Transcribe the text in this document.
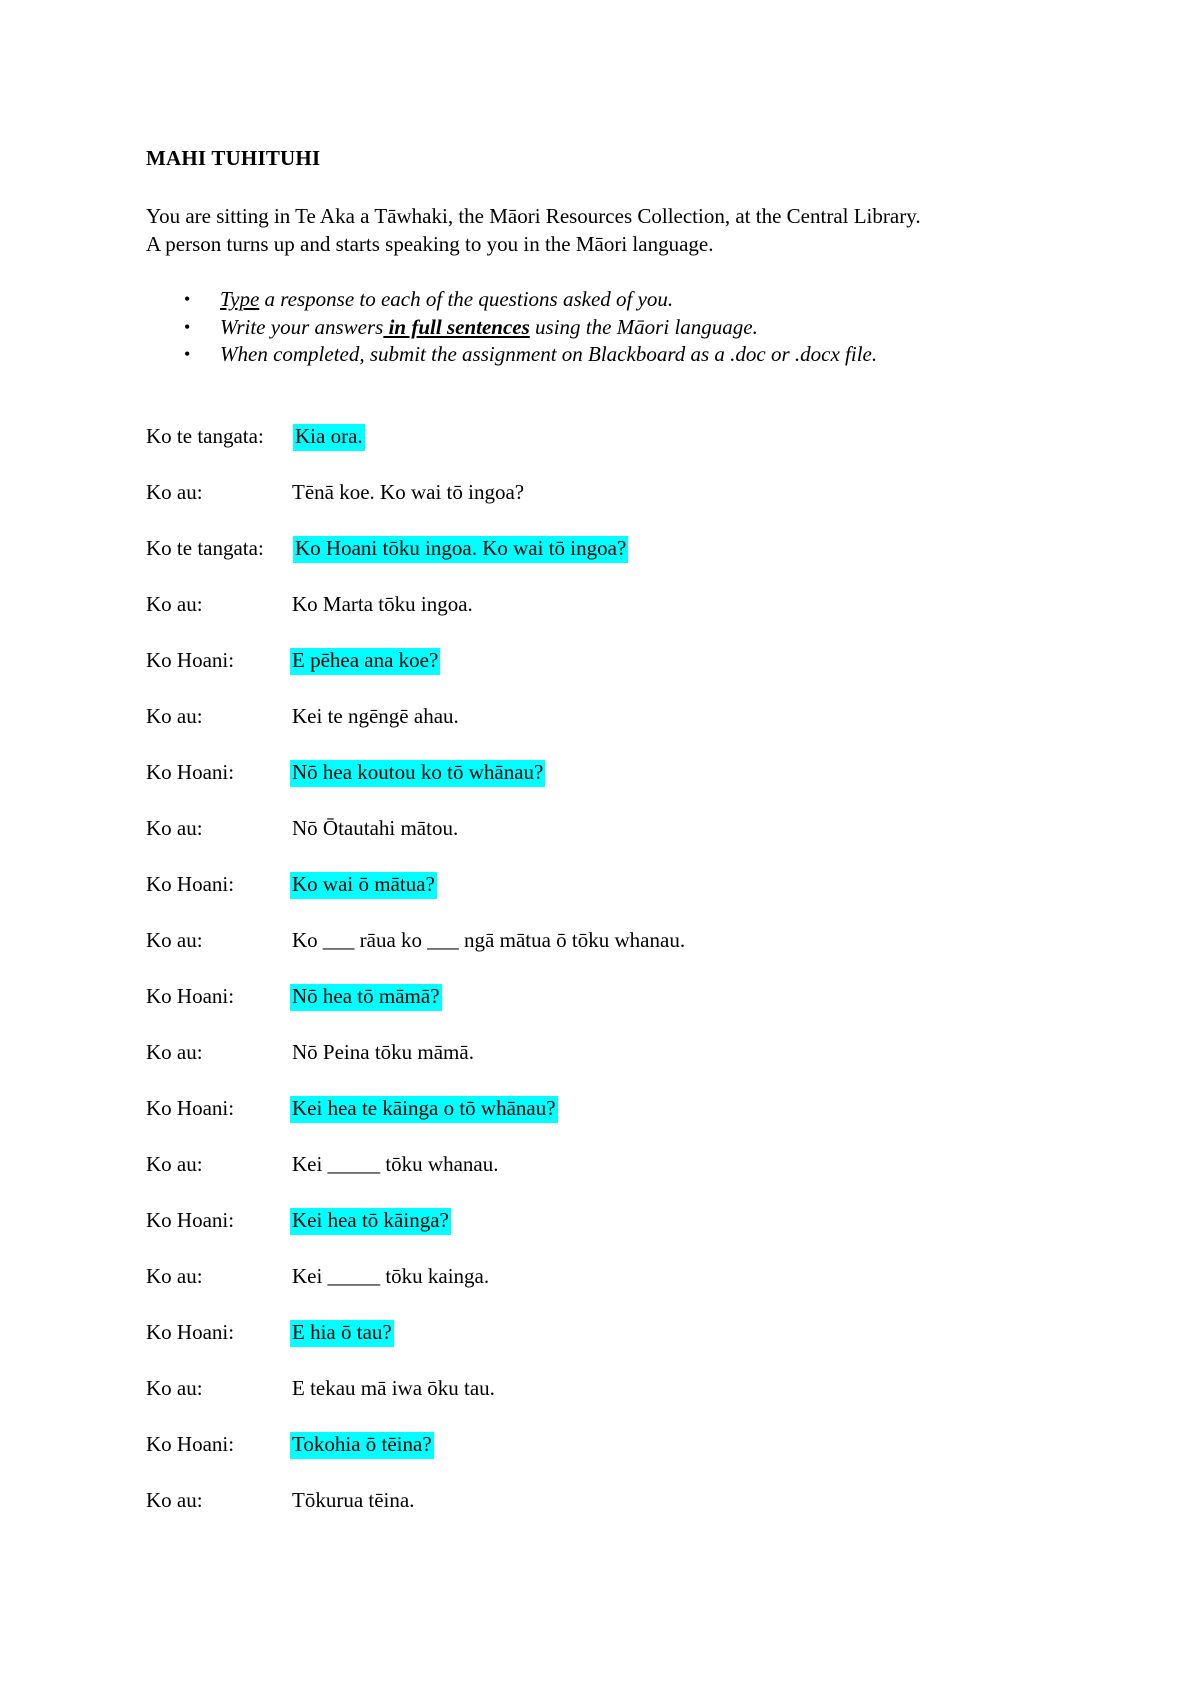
MAHI TUHITUHI
You are sitting in Te Aka a Tāwhaki, the Māori Resources Collection, at the Central Library.
A person turns up and starts speaking to you in the Māori language.
• Type a response to each of the questions asked of you.
• Write your answers in full sentences using the Māori language.
• When completed, submit the assignment on Blackboard as a .doc or .docx file.
Ko te tangata: Kia ora.
Ko au:	Tēnā koe. Ko wai tō ingoa?
Ko te tangata: Ko Hoani tōku ingoa. Ko wai tō ingoa?
Ko au:	Ko Marta tōku ingoa.
Ko Hoani:	E pēhea ana koe?
Ko au:	Kei te ngēngē ahau.
Ko Hoani:	Nō hea koutou ko tō whānau?
Ko au:	Nō Ōtautahi mātou.
Ko Hoani:	Ko wai ō mātua?
Ko au:	Ko ___ rāua ko ___ ngā mātua ō tōku whanau.
Ko Hoani:	Nō hea tō māmā?
Ko au:	Nō Peina tōku māmā.
Ko Hoani:	Kei hea te kāinga o tō whānau?
Ko au:	Kei _____ tōku whanau.
Ko Hoani:	Kei hea tō kāinga?
Ko au:	Kei _____ tōku kainga.
Ko Hoani:	E hia ō tau?
Ko au:	E tekau mā iwa ōku tau.
Ko Hoani:	Tokohia ō tēina?
Ko au:	Tōkurua tēina.
